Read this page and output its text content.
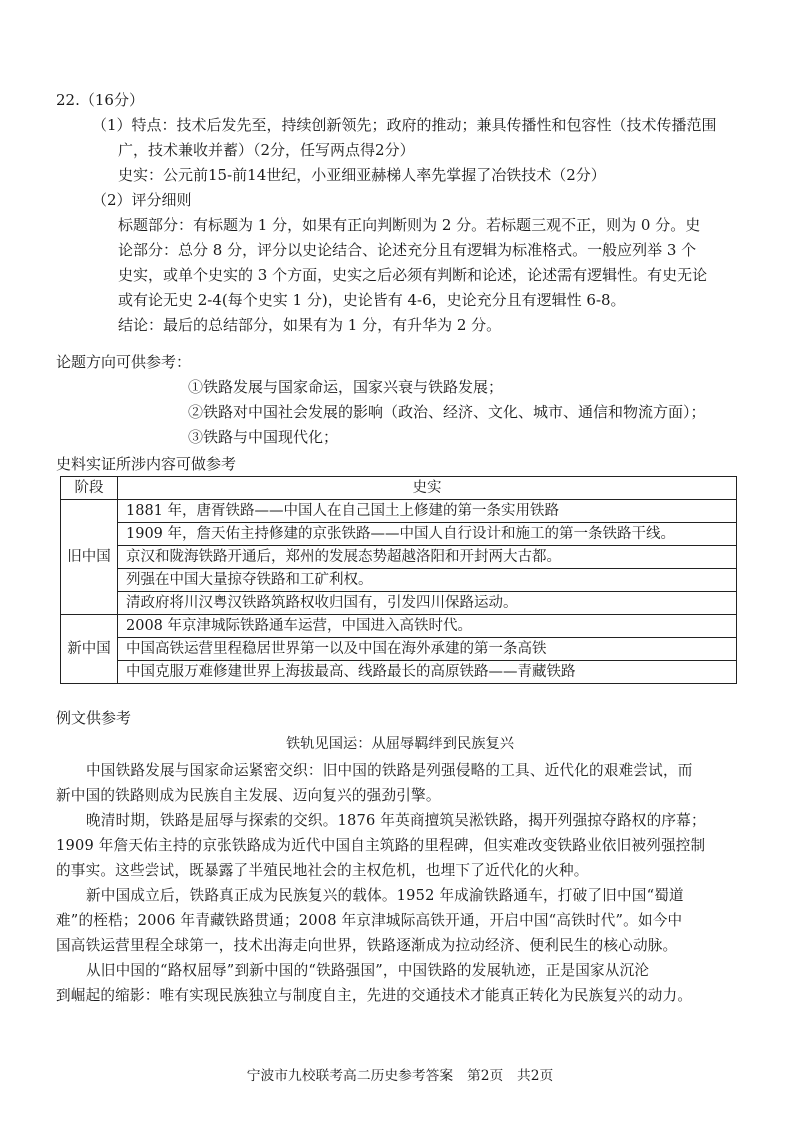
22.（16分）
（1）特点：技术后发先至，持续创新领先；政府的推动；兼具传播性和包容性（技术传播范围
广，技术兼收并蓄）（2分，任写两点得2分）
史实：公元前15-前14世纪，小亚细亚赫梯人率先掌握了冶铁技术（2分）
（2）评分细则
标题部分：有标题为 1 分，如果有正向判断则为 2 分。若标题三观不正，则为 0 分。史
论部分：总分 8 分，评分以史论结合、论述充分且有逻辑为标准格式。一般应列举 3 个
史实，或单个史实的 3 个方面，史实之后必须有判断和论述，论述需有逻辑性。有史无论
或有论无史 2-4(每个史实 1 分)，史论皆有 4-6，史论充分且有逻辑性 6-8。
结论：最后的总结部分，如果有为 1 分，有升华为 2 分。
论题方向可供参考：
①铁路发展与国家命运，国家兴衰与铁路发展；
②铁路对中国社会发展的影响（政治、经济、文化、城市、通信和物流方面）；
③铁路与中国现代化；
史料实证所涉内容可做参考
阶段	史实
旧中国	1881 年，唐胥铁路——中国人在自己国土上修建的第一条实用铁路
	1909 年，詹天佑主持修建的京张铁路——中国人自行设计和施工的第一条铁路干线。
	京汉和陇海铁路开通后，郑州的发展态势超越洛阳和开封两大古都。
	列强在中国大量掠夺铁路和工矿利权。
	清政府将川汉粤汉铁路筑路权收归国有，引发四川保路运动。
新中国	2008 年京津城际铁路通车运营，中国进入高铁时代。
	中国高铁运营里程稳居世界第一以及中国在海外承建的第一条高铁
	中国克服万难修建世界上海拔最高、线路最长的高原铁路——青藏铁路
例文供参考
铁轨见国运：从屈辱羁绊到民族复兴
中国铁路发展与国家命运紧密交织：旧中国的铁路是列强侵略的工具、近代化的艰难尝试，而
新中国的铁路则成为民族自主发展、迈向复兴的强劲引擎。
晚清时期，铁路是屈辱与探索的交织。1876 年英商擅筑吴淞铁路，揭开列强掠夺路权的序幕；
1909 年詹天佑主持的京张铁路成为近代中国自主筑路的里程碑，但实难改变铁路业依旧被列强控制
的事实。这些尝试，既暴露了半殖民地社会的主权危机，也埋下了近代化的火种。
新中国成立后，铁路真正成为民族复兴的载体。1952 年成渝铁路通车，打破了旧中国“蜀道
难”的桎梏；2006 年青藏铁路贯通；2008 年京津城际高铁开通，开启中国“高铁时代”。如今中
国高铁运营里程全球第一，技术出海走向世界，铁路逐渐成为拉动经济、便利民生的核心动脉。
从旧中国的“路权屈辱”到新中国的“铁路强国”，中国铁路的发展轨迹，正是国家从沉沦
到崛起的缩影：唯有实现民族独立与制度自主，先进的交通技术才能真正转化为民族复兴的动力。
宁波市九校联考高二历史参考答案　第2页　共2页
